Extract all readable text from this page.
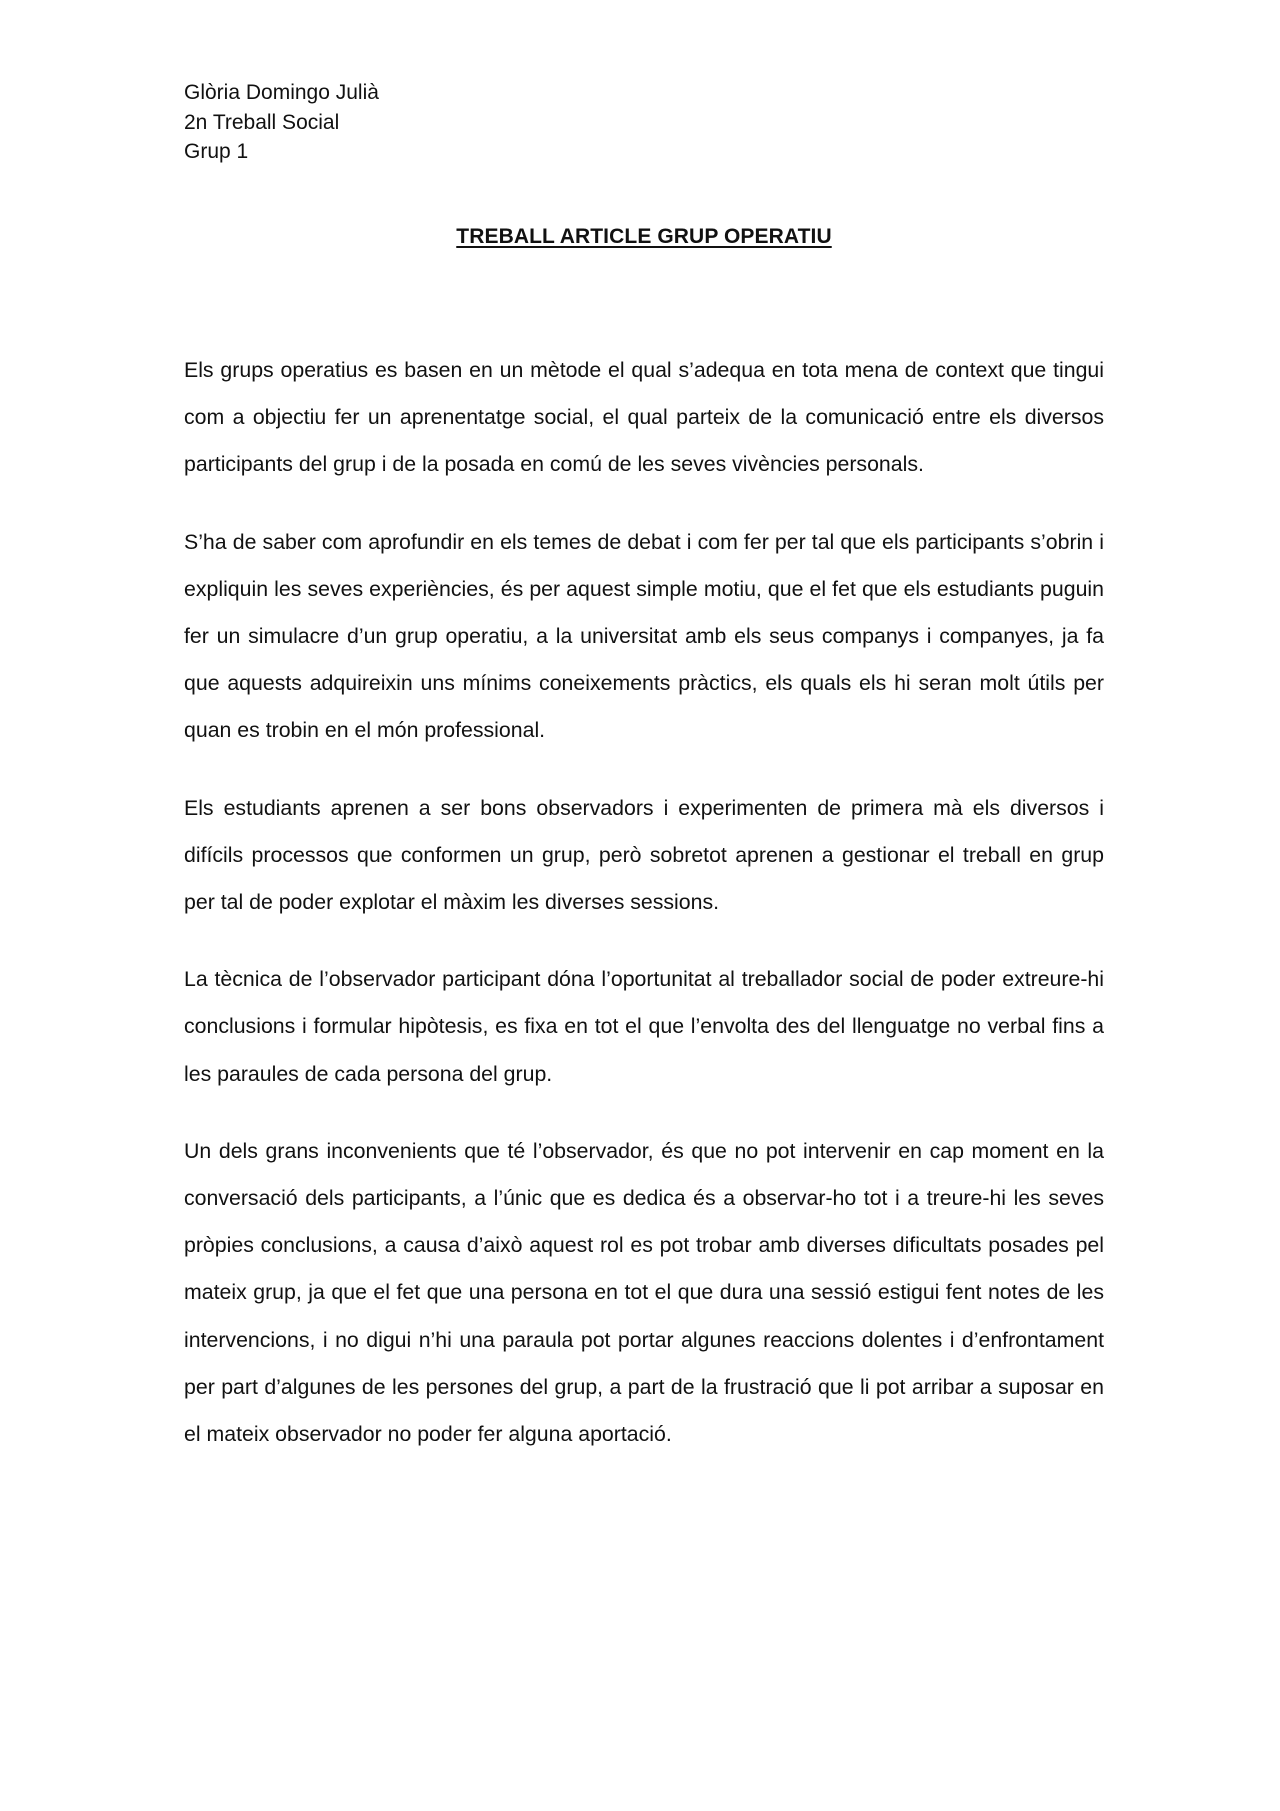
Glòria Domingo Julià
2n Treball Social
Grup 1
TREBALL ARTICLE GRUP OPERATIU

Els grups operatius es basen en un mètode el qual s’adequa en tota mena de context que tingui com a objectiu fer un aprenentatge social, el qual parteix de la comunicació entre els diversos participants del grup i de la posada en comú de les seves vivències personals.

S’ha de saber com aprofundir en els temes de debat i com fer per tal que els participants s’obrin i expliquin les seves experiències, és per aquest simple motiu, que el fet que els estudiants puguin fer un simulacre d’un grup operatiu, a la universitat amb els seus companys i companyes, ja fa que aquests adquireixin uns mínims coneixements pràctics, els quals els hi seran molt útils per quan es trobin en el món professional.

Els estudiants aprenen a ser bons observadors i experimenten de primera mà els diversos i difícils processos que conformen un grup, però sobretot aprenen a gestionar el treball en grup per tal de poder explotar el màxim les diverses sessions.

La tècnica de l’observador participant dóna l’oportunitat al treballador social de poder extreure-hi conclusions i formular hipòtesis, es fixa en tot el que l’envolta des del llenguatge no verbal fins a les paraules de cada persona del grup.

Un dels grans inconvenients que té l’observador, és que no pot intervenir en cap moment en la conversació dels participants, a l’únic que es dedica és a observar-ho tot i a treure-hi les seves pròpies conclusions, a causa d’això aquest rol es pot trobar amb diverses dificultats posades pel mateix grup, ja que el fet que una persona en tot el que dura una sessió estigui fent notes de les intervencions, i no digui n’hi una paraula pot portar algunes reaccions dolentes i d’enfrontament per part d’algunes de les persones del grup, a part de la frustració que li pot arribar a suposar en el mateix observador no poder fer alguna aportació.
